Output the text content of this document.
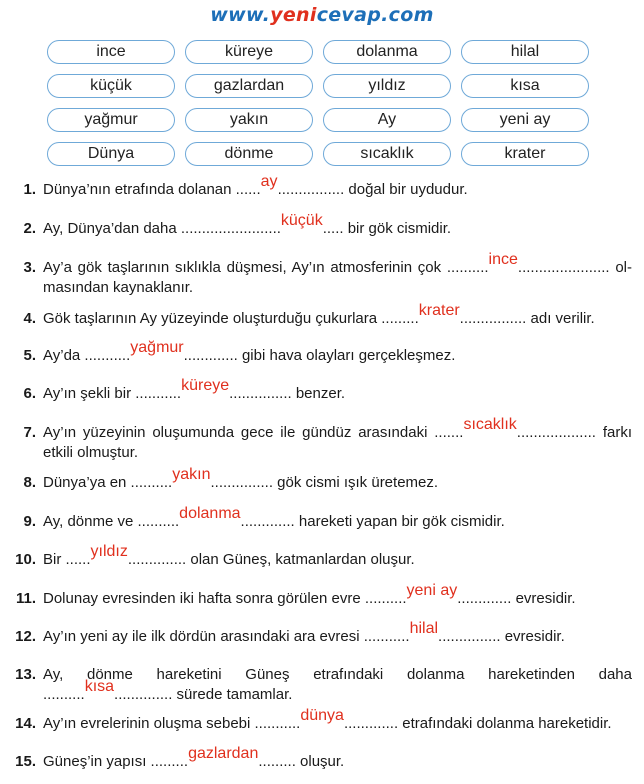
www.yenicevap.com
ince	küreye	dolanma	hilal
küçük	gazlardan	yıldız	kısa
yağmur	yakın	Ay	yeni ay
Dünya	dönme	sıcaklık	krater
1. Dünya’nın etrafında dolanan ......ay................ doğal bir uydudur.
2. Ay, Dünya’dan daha ........................küçük..... bir gök cismidir.
3. Ay’a gök taşlarının sıklıkla düşmesi, Ay’ın atmosferinin çok ..........ince...................... ol-
masından kaynaklanır.
4. Gök taşlarının Ay yüzeyinde oluşturduğu çukurlara .........krater................ adı verilir.
5. Ay’da ...........yağmur............. gibi hava olayları gerçekleşmez.
6. Ay’ın şekli bir ...........küreye............... benzer.
7. Ay’ın yüzeyinin oluşumunda gece ile gündüz arasındaki .......sıcaklık................... farkı
etkili olmuştur.
8. Dünya’ya en ..........yakın............... gök cismi ışık üretemez.
9. Ay, dönme ve ..........dolanma............. hareketi yapan bir gök cismidir.
10. Bir ......yıldız.............. olan Güneş, katmanlardan oluşur.
11. Dolunay evresinden iki hafta sonra görülen evre ..........yeni ay............. evresidir.
12. Ay’ın yeni ay ile ilk dördün arasındaki ara evresi ...........hilal............... evresidir.
13. Ay, dönme hareketini Güneş etrafındaki dolanma hareketinden daha
..........kısa.............. sürede tamamlar.
14. Ay’ın evrelerinin oluşma sebebi ...........dünya............. etrafındaki dolanma hareketidir.
15. Güneş’in yapısı .........gazlardan......... oluşur.
